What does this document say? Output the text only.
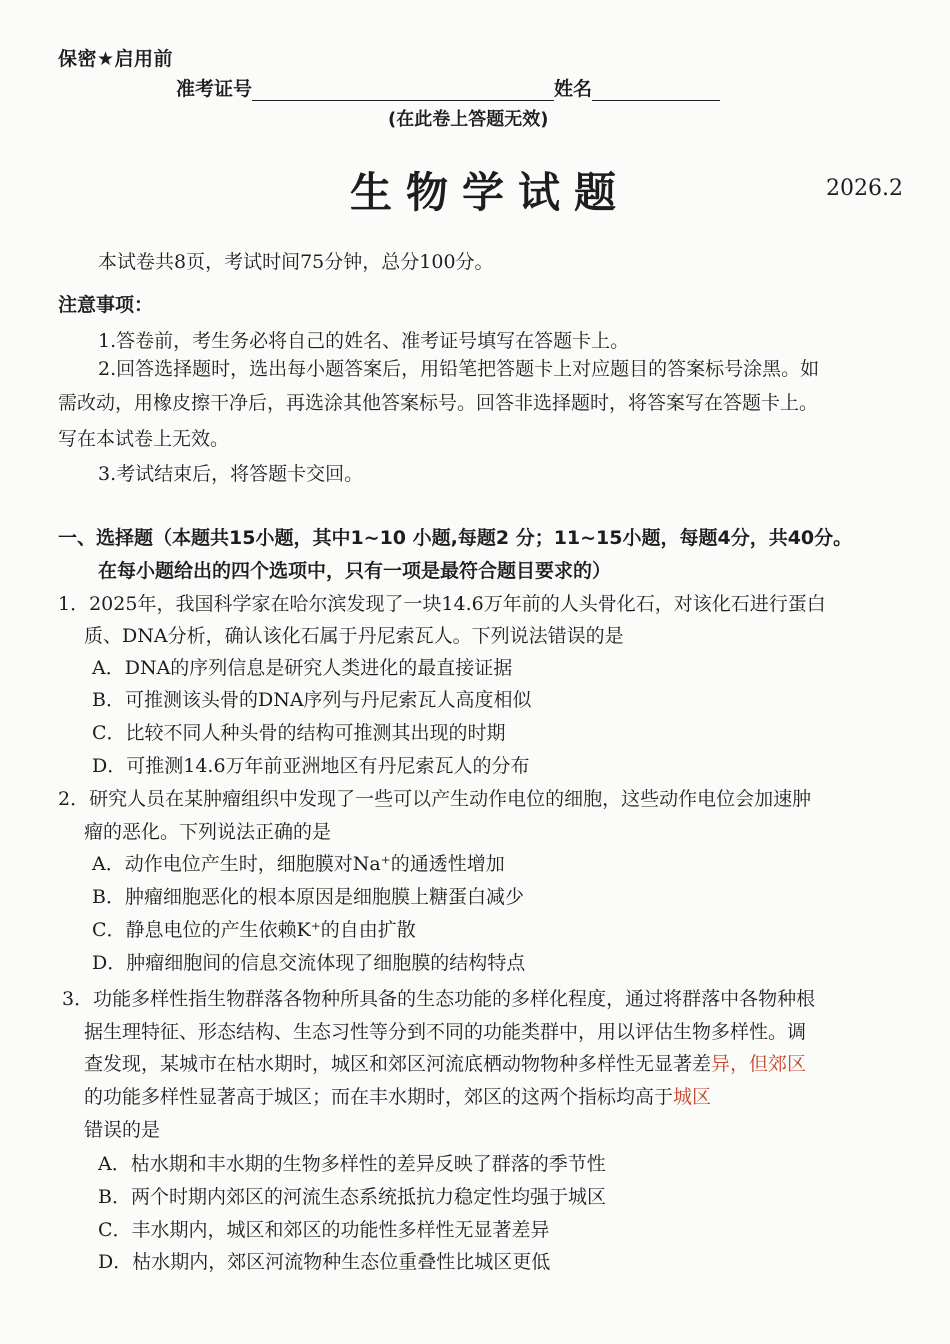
保密★启用前
准考证号	姓名
(在此卷上答题无效)
生物学试题	2026.2
本试卷共8页，考试时间75分钟，总分100分。
注意事项：
1.答卷前，考生务必将自己的姓名、准考证号填写在答题卡上。
2.回答选择题时，选出每小题答案后，用铅笔把答题卡上对应题目的答案标号涂黑。如
需改动，用橡皮擦干净后，再选涂其他答案标号。回答非选择题时，将答案写在答题卡上。
写在本试卷上无效。
3.考试结束后，将答题卡交回。
一、选择题（本题共15小题，其中1~10 小题,每题2 分；11~15小题，每题4分，共40分。
在每小题给出的四个选项中，只有一项是最符合题目要求的）
1．2025年，我国科学家在哈尔滨发现了一块14.6万年前的人头骨化石，对该化石进行蛋白
质、DNA分析，确认该化石属于丹尼索瓦人。下列说法错误的是
A．DNA的序列信息是研究人类进化的最直接证据
B．可推测该头骨的DNA序列与丹尼索瓦人高度相似
C．比较不同人种头骨的结构可推测其出现的时期
D．可推测14.6万年前亚洲地区有丹尼索瓦人的分布
2．研究人员在某肿瘤组织中发现了一些可以产生动作电位的细胞，这些动作电位会加速肿
瘤的恶化。下列说法正确的是
A．动作电位产生时，细胞膜对Na⁺的通透性增加
B．肿瘤细胞恶化的根本原因是细胞膜上糖蛋白减少
C．静息电位的产生依赖K⁺的自由扩散
D．肿瘤细胞间的信息交流体现了细胞膜的结构特点
3．功能多样性指生物群落各物种所具备的生态功能的多样化程度，通过将群落中各物种根
据生理特征、形态结构、生态习性等分到不同的功能类群中，用以评估生物多样性。调
查发现，某城市在枯水期时，城区和郊区河流底栖动物物种多样性无显著差异，但郊区
的功能多样性显著高于城区；而在丰水期时，郊区的这两个指标均高于城区
错误的是
A．枯水期和丰水期的生物多样性的差异反映了群落的季节性
B．两个时期内郊区的河流生态系统抵抗力稳定性均强于城区
C．丰水期内，城区和郊区的功能性多样性无显著差异
D．枯水期内，郊区河流物种生态位重叠性比城区更低
